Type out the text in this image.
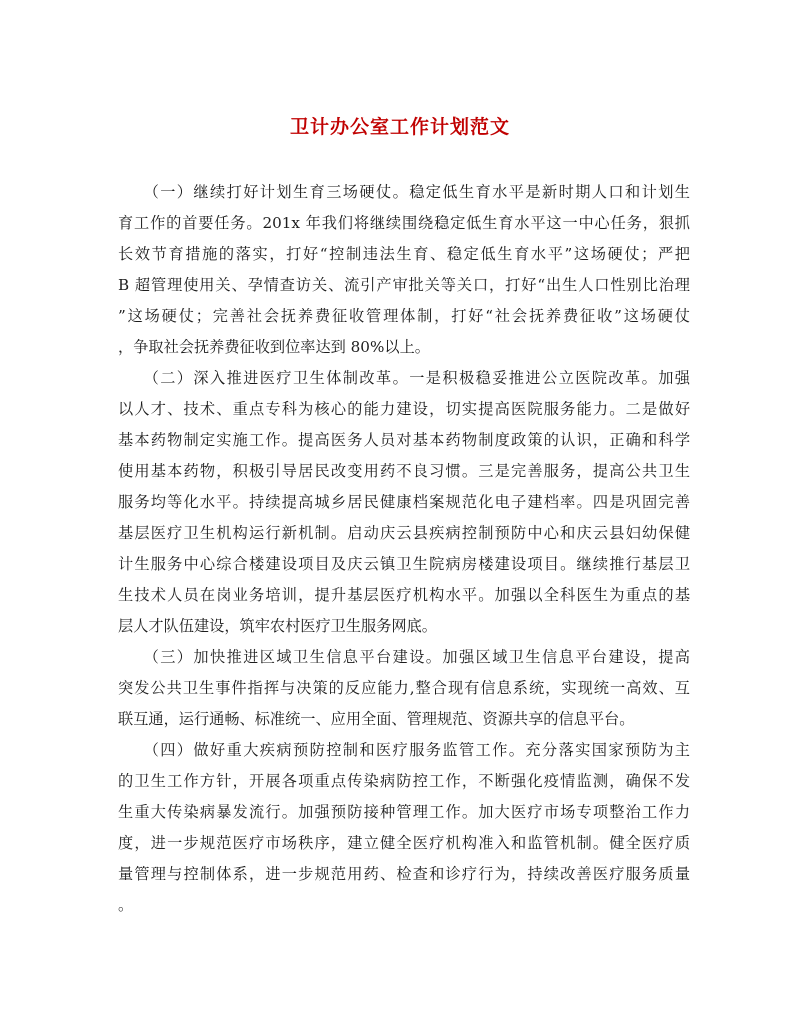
卫计办公室工作计划范文
　　（一）继续打好计划生育三场硬仗。稳定低生育水平是新时期人口和计划生
育工作的首要任务。201x 年我们将继续围绕稳定低生育水平这一中心任务，狠抓
长效节育措施的落实，打好“控制违法生育、稳定低生育水平”这场硬仗；严把
B 超管理使用关、孕情查访关、流引产审批关等关口，打好“出生人口性别比治理
”这场硬仗；完善社会抚养费征收管理体制，打好“社会抚养费征收”这场硬仗
，争取社会抚养费征收到位率达到 80%以上。
　　（二）深入推进医疗卫生体制改革。一是积极稳妥推进公立医院改革。加强
以人才、技术、重点专科为核心的能力建设，切实提高医院服务能力。二是做好
基本药物制定实施工作。提高医务人员对基本药物制度政策的认识，正确和科学
使用基本药物，积极引导居民改变用药不良习惯。三是完善服务，提高公共卫生
服务均等化水平。持续提高城乡居民健康档案规范化电子建档率。四是巩固完善
基层医疗卫生机构运行新机制。启动庆云县疾病控制预防中心和庆云县妇幼保健
计生服务中心综合楼建设项目及庆云镇卫生院病房楼建设项目。继续推行基层卫
生技术人员在岗业务培训，提升基层医疗机构水平。加强以全科医生为重点的基
层人才队伍建设，筑牢农村医疗卫生服务网底。
　　（三）加快推进区域卫生信息平台建设。加强区域卫生信息平台建设，提高
突发公共卫生事件指挥与决策的反应能力,整合现有信息系统，实现统一高效、互
联互通，运行通畅、标准统一、应用全面、管理规范、资源共享的信息平台。
　　（四）做好重大疾病预防控制和医疗服务监管工作。充分落实国家预防为主
的卫生工作方针，开展各项重点传染病防控工作，不断强化疫情监测，确保不发
生重大传染病暴发流行。加强预防接种管理工作。加大医疗市场专项整治工作力
度，进一步规范医疗市场秩序，建立健全医疗机构准入和监管机制。健全医疗质
量管理与控制体系，进一步规范用药、检查和诊疗行为，持续改善医疗服务质量
。
